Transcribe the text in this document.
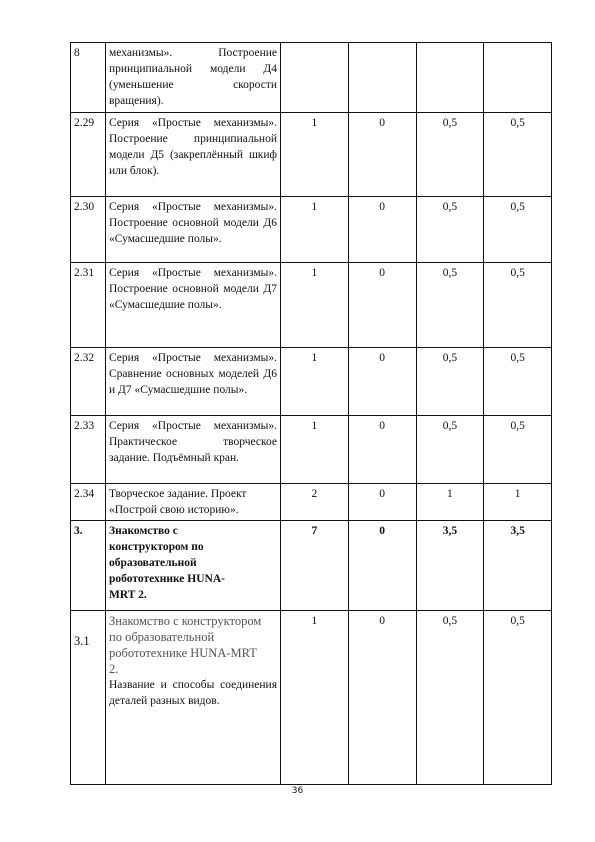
8	механизмы». Построение принципиальной модели Д4 (уменьшение скорости вращения).				
2.29	Серия «Простые механизмы». Построение принципиальной модели Д5 (закреплённый шкиф или блок).	1	0	0,5	0,5
2.30	Серия «Простые механизмы». Построение основной модели Д6 «Сумасшедшие полы».	1	0	0,5	0,5
2.31	Серия «Простые механизмы». Построение основной модели Д7 «Сумасшедшие полы».	1	0	0,5	0,5
2.32	Серия «Простые механизмы». Сравнение основных моделей Д6 и Д7 «Сумасшедшие полы».	1	0	0,5	0,5
2.33	Серия «Простые механизмы». Практическое творческое задание. Подъёмный кран.	1	0	0,5	0,5
2.34	Творческое задание. Проект «Построй свою историю».	2	0	1	1
3.	Знакомство с конструктором по образовательной робототехнике HUNA-MRT 2.	7	0	3,5	3,5
3.1	Знакомство с конструктором по образовательной робототехнике HUNA-MRT 2.
Название и способы соединения деталей разных видов.	1	0	0,5	0,5
36
